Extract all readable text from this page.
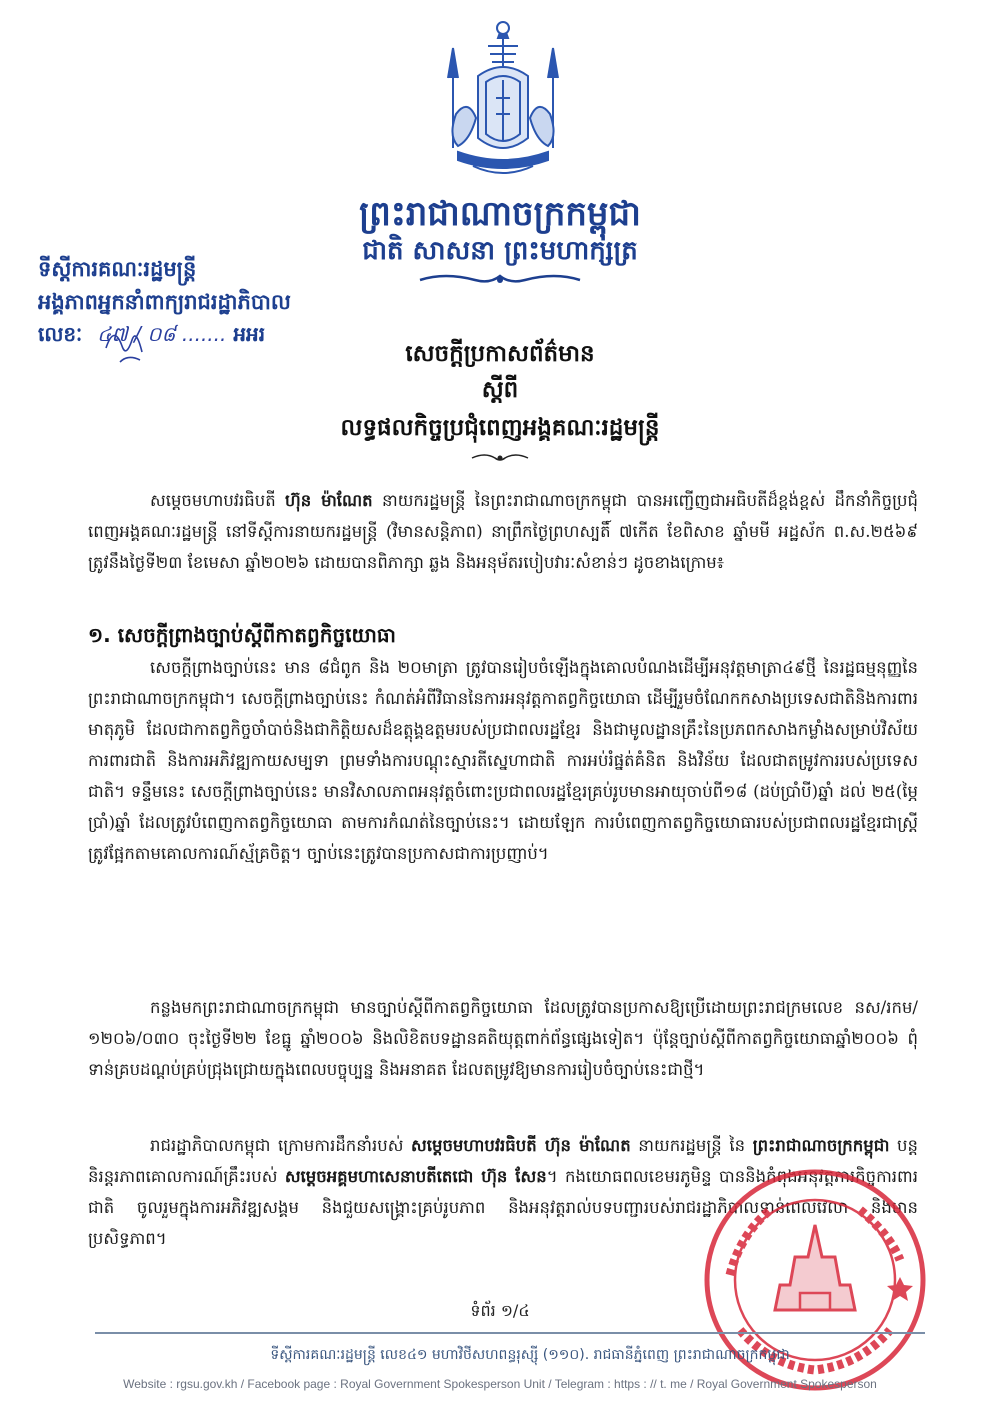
ព្រះរាជាណាចក្រកម្ពុជា
ជាតិ សាសនា ព្រះមហាក្សត្រ
ទីស្តីការគណៈរដ្ឋមន្ត្រី
អង្គភាពអ្នកនាំពាក្យរាជរដ្ឋាភិបាល
លេខៈ ៤៧ / ០៨ ....... អអរ
សេចក្តីប្រកាសព័ត៌មាន
ស្តីពី
លទ្ធផលកិច្ចប្រជុំពេញអង្គគណៈរដ្ឋមន្ត្រី

សម្តេចមហាបវរធិបតី ហ៊ុន ម៉ាណែត នាយករដ្ឋមន្ត្រី នៃព្រះរាជាណាចក្រកម្ពុជា បានអញ្ជើញជាអធិបតីដ៏ខ្ពង់ខ្ពស់ ដឹកនាំកិច្ចប្រជុំពេញអង្គគណៈរដ្ឋមន្ត្រី នៅទីស្តីការនាយករដ្ឋមន្ត្រី (វិមានសន្តិភាព) នាព្រឹកថ្ងៃព្រហស្បតិ៍ ៧កើត ខែពិសាខ ឆ្នាំមមី អដ្ឋស័ក ព.ស.២៥៦៩ ត្រូវនឹងថ្ងៃទី២៣ ខែមេសា ឆ្នាំ២០២៦ ដោយបានពិភាក្សា ឆ្លង និងអនុម័តរបៀបវារៈសំខាន់ៗ ដូចខាងក្រោម៖

១. សេចក្តីព្រាងច្បាប់ស្តីពីកាតព្វកិច្ចយោធា

សេចក្តីព្រាងច្បាប់នេះ មាន ៨ជំពូក និង ២០មាត្រា ត្រូវបានរៀបចំឡើងក្នុងគោលបំណងដើម្បីអនុវត្តមាត្រា៤៩ថ្មី នៃរដ្ឋធម្មនុញ្ញនៃព្រះរាជាណាចក្រកម្ពុជា។ សេចក្តីព្រាងច្បាប់នេះ កំណត់អំពីវិធាននៃការអនុវត្តកាតព្វកិច្ចយោធា ដើម្បីរួមចំណែកកសាងប្រទេសជាតិនិងការពារមាតុភូមិ ដែលជាកាតព្វកិច្ចចាំបាច់និងជាកិត្តិយសដ៏ឧត្តុង្គឧត្តមរបស់ប្រជាពលរដ្ឋខ្មែរ និងជាមូលដ្ឋានគ្រឹះនៃប្រភពកសាងកម្លាំងសម្រាប់វិស័យការពារជាតិ និងការអភិវឌ្ឍកាយសម្បទា ព្រមទាំងការបណ្តុះស្មារតីស្នេហាជាតិ ការអប់រំផ្នត់គំនិត និងវិន័យ ដែលជាតម្រូវការរបស់ប្រទេសជាតិ។ ទន្ទឹមនេះ សេចក្តីព្រាងច្បាប់នេះ មានវិសាលភាពអនុវត្តចំពោះប្រជាពលរដ្ឋខ្មែរគ្រប់រូបមានអាយុចាប់ពី១៨ (ដប់ប្រាំបី)ឆ្នាំ ដល់ ២៥(ម្ភៃប្រាំ)ឆ្នាំ ដែលត្រូវបំពេញកាតព្វកិច្ចយោធា តាមការកំណត់នៃច្បាប់នេះ។ ដោយឡែក ការបំពេញកាតព្វកិច្ចយោធារបស់ប្រជាពលរដ្ឋខ្មែរជាស្ត្រី ត្រូវផ្អែកតាមគោលការណ៍ស្ម័គ្រចិត្ត។ ច្បាប់នេះត្រូវបានប្រកាសជាការប្រញាប់។

កន្លងមកព្រះរាជាណាចក្រកម្ពុជា មានច្បាប់ស្តីពីកាតព្វកិច្ចយោធា ដែលត្រូវបានប្រកាសឱ្យប្រើដោយព្រះរាជក្រមលេខ នស/រកម/១២០៦/០៣០ ចុះថ្ងៃទី២២ ខែធ្នូ ឆ្នាំ២០០៦ និងលិខិតបទដ្ឋានគតិយុត្តពាក់ព័ន្ធផ្សេងទៀត។ ប៉ុន្តែច្បាប់ស្តីពីកាតព្វកិច្ចយោធាឆ្នាំ២០០៦ ពុំទាន់គ្របដណ្តប់គ្រប់ជ្រុងជ្រោយក្នុងពេលបច្ចុប្បន្ន និងអនាគត ដែលតម្រូវឱ្យមានការរៀបចំច្បាប់នេះជាថ្មី។

រាជរដ្ឋាភិបាលកម្ពុជា ក្រោមការដឹកនាំរបស់ សម្តេចមហាបវរធិបតី ហ៊ុន ម៉ាណែត នាយករដ្ឋមន្ត្រី នៃ ព្រះរាជាណាចក្រកម្ពុជា បន្តនិរន្តរភាពគោលការណ៍គ្រឹះរបស់ សម្តេចអគ្គមហាសេនាបតីតេជោ ហ៊ុន សែន។ កងយោធពលខេមរភូមិន្ទ បាននិងកំពុងអនុវត្តភារកិច្ចការពារជាតិ ចូលរួមក្នុងការអភិវឌ្ឍសង្គម និងជួយសង្គ្រោះគ្រប់រូបភាព និងអនុវត្តរាល់បទបញ្ជារបស់រាជរដ្ឋាភិបាលទាន់ពេលវេលា និងមានប្រសិទ្ធភាព។

ទំព័រ ១/៤
ទីស្តីការគណៈរដ្ឋមន្ត្រី លេខ៤១ មហាវិថីសហពន្ធរុស្ស៊ី (១១០). រាជធានីភ្នំពេញ ព្រះរាជាណាចក្រកម្ពុជា
Website : rgsu.gov.kh / Facebook page : Royal Government Spokesperson Unit / Telegram : https : // t. me / Royal Government Spokesperson
